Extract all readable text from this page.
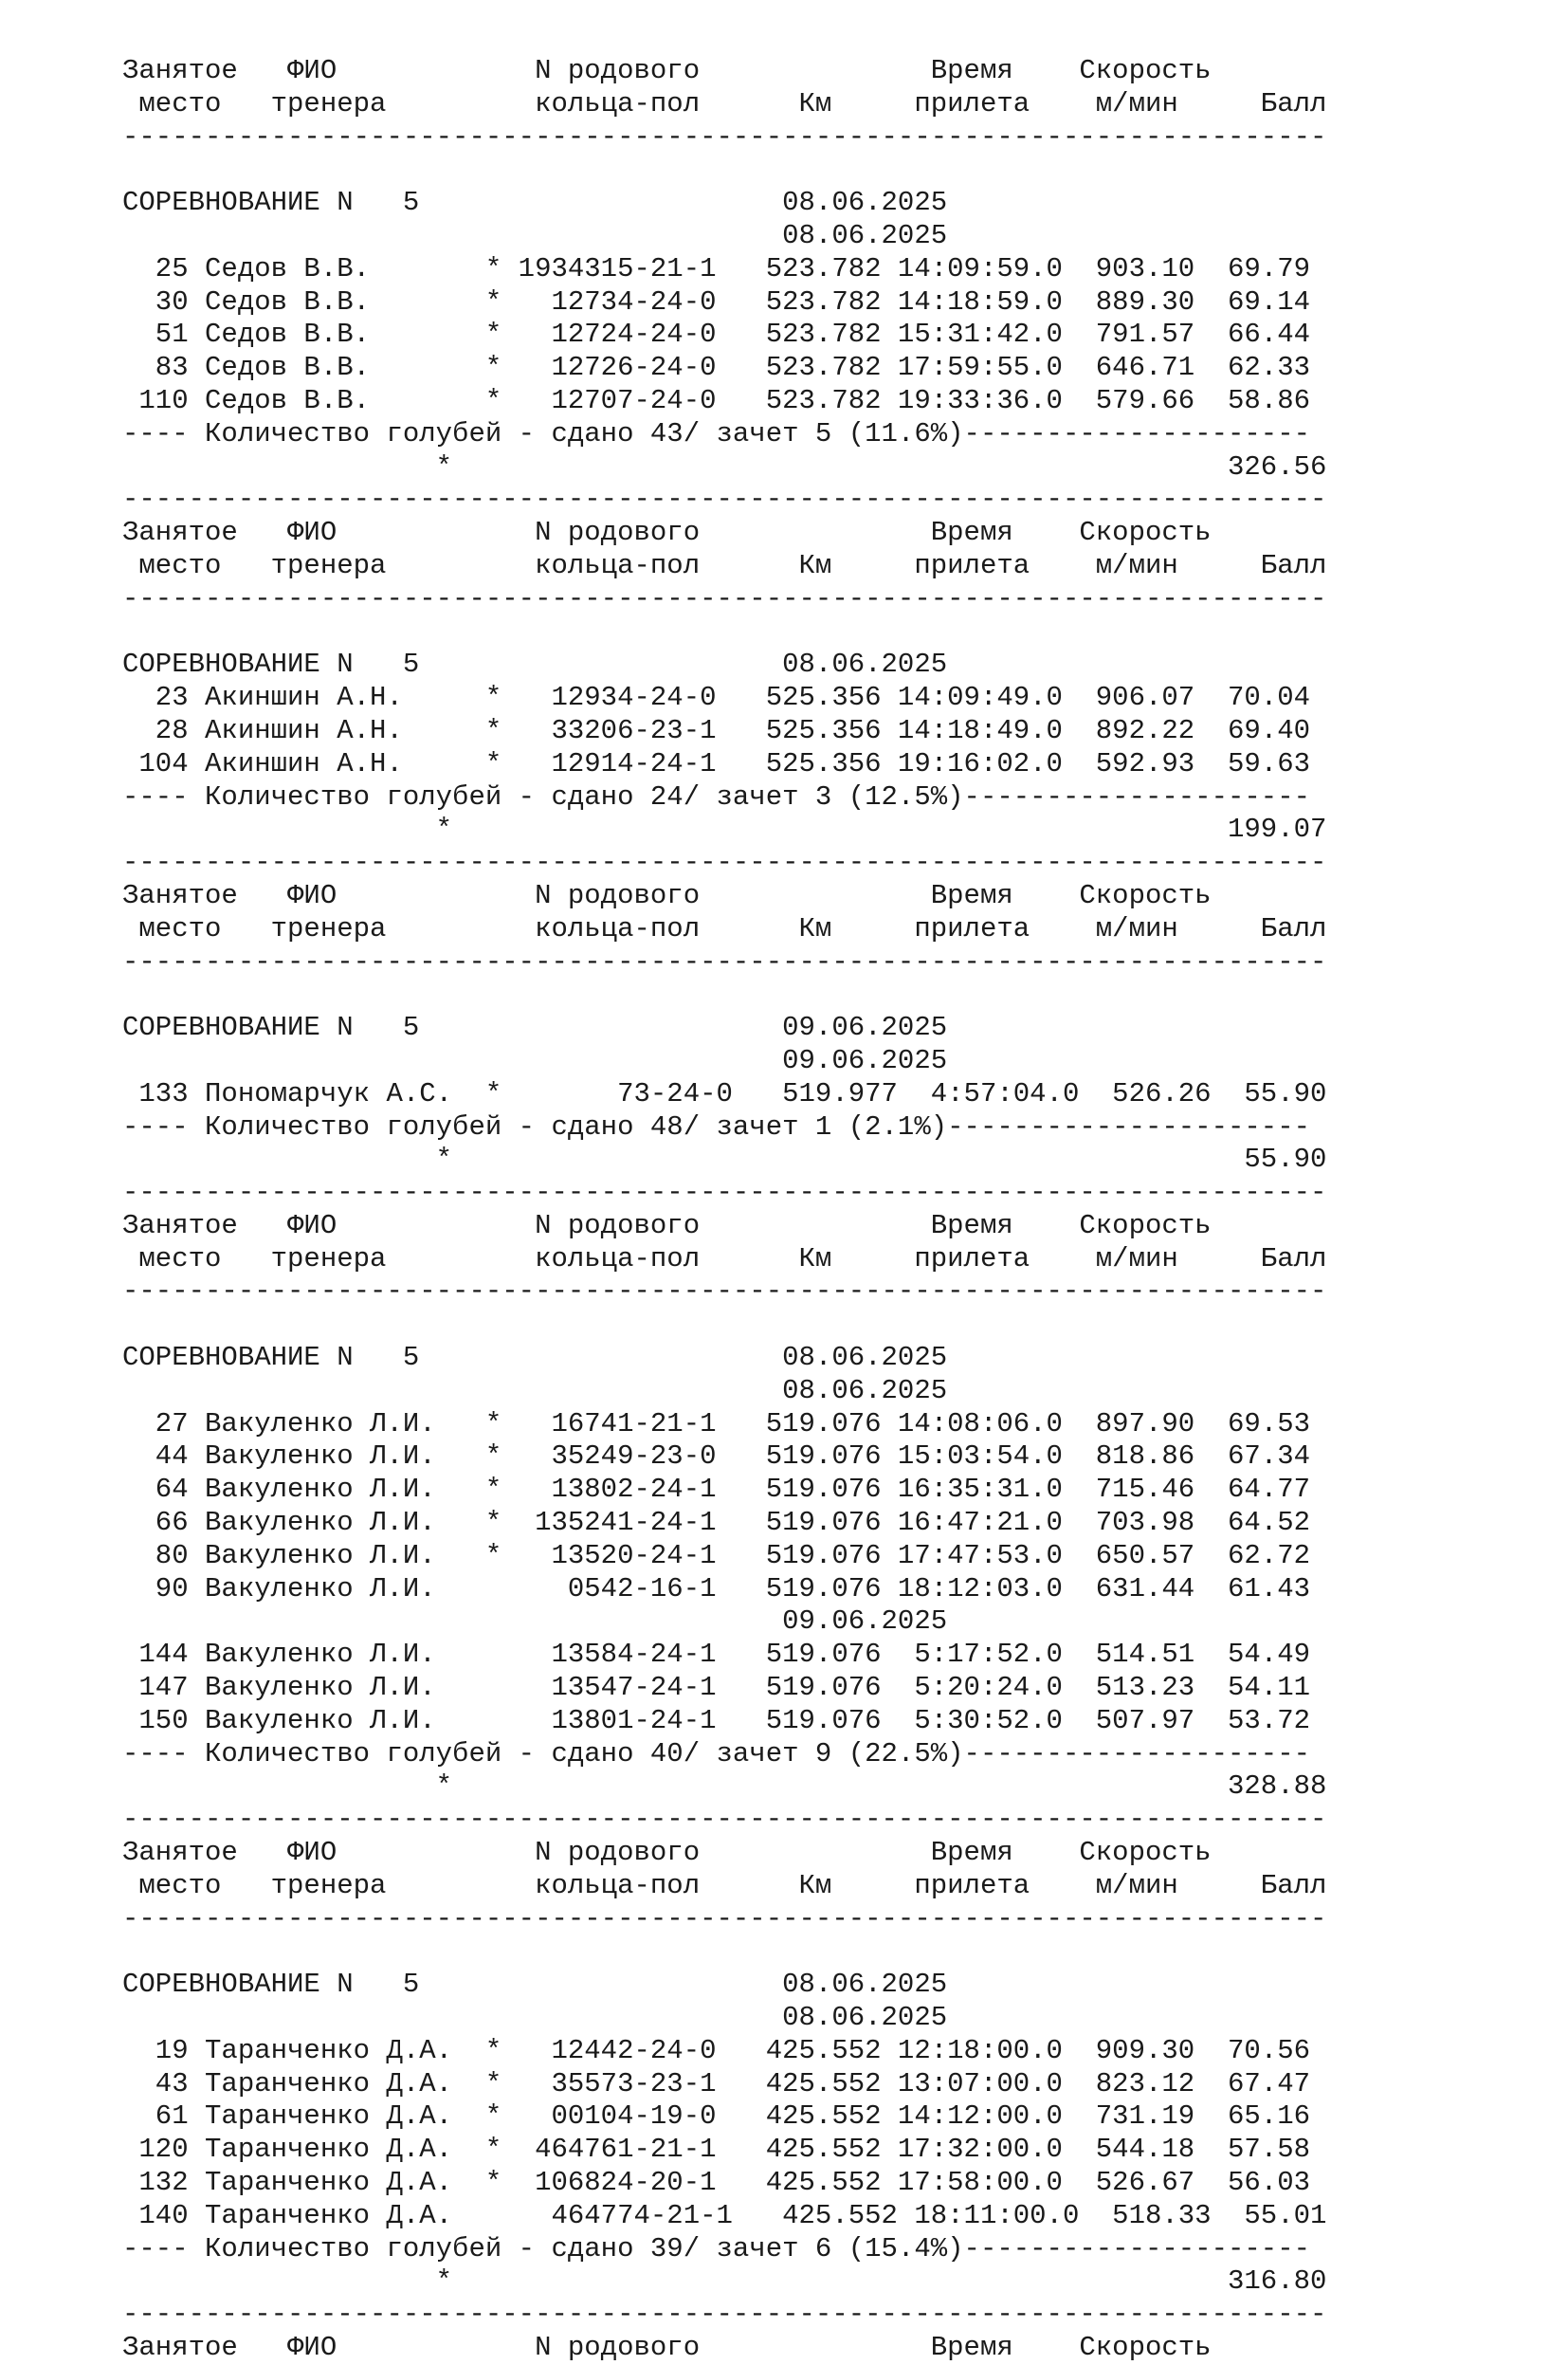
Занятое   ФИО            N родового              Время    Скорость
место   тренера         кольца-пол      Км     прилета    м/мин     Балл
-------------------------------------------------------------------------

СОРЕВНОВАНИЕ N   5                      08.06.2025
08.06.2025
25 Седов В.В.       * 1934315-21-1   523.782 14:09:59.0  903.10  69.79
30 Седов В.В.       *   12734-24-0   523.782 14:18:59.0  889.30  69.14
51 Седов В.В.       *   12724-24-0   523.782 15:31:42.0  791.57  66.44
83 Седов В.В.       *   12726-24-0   523.782 17:59:55.0  646.71  62.33
110 Седов В.В.       *   12707-24-0   523.782 19:33:36.0  579.66  58.86
---- Количество голубей - сдано 43/ зачет 5 (11.6%)---------------------
*                                               326.56
-------------------------------------------------------------------------
Занятое   ФИО            N родового              Время    Скорость
место   тренера         кольца-пол      Км     прилета    м/мин     Балл
-------------------------------------------------------------------------

СОРЕВНОВАНИЕ N   5                      08.06.2025
23 Акиншин А.Н.     *   12934-24-0   525.356 14:09:49.0  906.07  70.04
28 Акиншин А.Н.     *   33206-23-1   525.356 14:18:49.0  892.22  69.40
104 Акиншин А.Н.     *   12914-24-1   525.356 19:16:02.0  592.93  59.63
---- Количество голубей - сдано 24/ зачет 3 (12.5%)---------------------
*                                               199.07
-------------------------------------------------------------------------
Занятое   ФИО            N родового              Время    Скорость
место   тренера         кольца-пол      Км     прилета    м/мин     Балл
-------------------------------------------------------------------------

СОРЕВНОВАНИЕ N   5                      09.06.2025
09.06.2025
133 Пономарчук А.С.  *       73-24-0   519.977  4:57:04.0  526.26  55.90
---- Количество голубей - сдано 48/ зачет 1 (2.1%)----------------------
*                                                55.90
-------------------------------------------------------------------------
Занятое   ФИО            N родового              Время    Скорость
место   тренера         кольца-пол      Км     прилета    м/мин     Балл
-------------------------------------------------------------------------

СОРЕВНОВАНИЕ N   5                      08.06.2025
08.06.2025
27 Вакуленко Л.И.   *   16741-21-1   519.076 14:08:06.0  897.90  69.53
44 Вакуленко Л.И.   *   35249-23-0   519.076 15:03:54.0  818.86  67.34
64 Вакуленко Л.И.   *   13802-24-1   519.076 16:35:31.0  715.46  64.77
66 Вакуленко Л.И.   *  135241-24-1   519.076 16:47:21.0  703.98  64.52
80 Вакуленко Л.И.   *   13520-24-1   519.076 17:47:53.0  650.57  62.72
90 Вакуленко Л.И.        0542-16-1   519.076 18:12:03.0  631.44  61.43
09.06.2025
144 Вакуленко Л.И.       13584-24-1   519.076  5:17:52.0  514.51  54.49
147 Вакуленко Л.И.       13547-24-1   519.076  5:20:24.0  513.23  54.11
150 Вакуленко Л.И.       13801-24-1   519.076  5:30:52.0  507.97  53.72
---- Количество голубей - сдано 40/ зачет 9 (22.5%)---------------------
*                                               328.88
-------------------------------------------------------------------------
Занятое   ФИО            N родового              Время    Скорость
место   тренера         кольца-пол      Км     прилета    м/мин     Балл
-------------------------------------------------------------------------

СОРЕВНОВАНИЕ N   5                      08.06.2025
08.06.2025
19 Таранченко Д.А.  *   12442-24-0   425.552 12:18:00.0  909.30  70.56
43 Таранченко Д.А.  *   35573-23-1   425.552 13:07:00.0  823.12  67.47
61 Таранченко Д.А.  *   00104-19-0   425.552 14:12:00.0  731.19  65.16
120 Таранченко Д.А.  *  464761-21-1   425.552 17:32:00.0  544.18  57.58
132 Таранченко Д.А.  *  106824-20-1   425.552 17:58:00.0  526.67  56.03
140 Таранченко Д.А.      464774-21-1   425.552 18:11:00.0  518.33  55.01
---- Количество голубей - сдано 39/ зачет 6 (15.4%)---------------------
*                                               316.80
-------------------------------------------------------------------------
Занятое   ФИО            N родового              Время    Скорость
